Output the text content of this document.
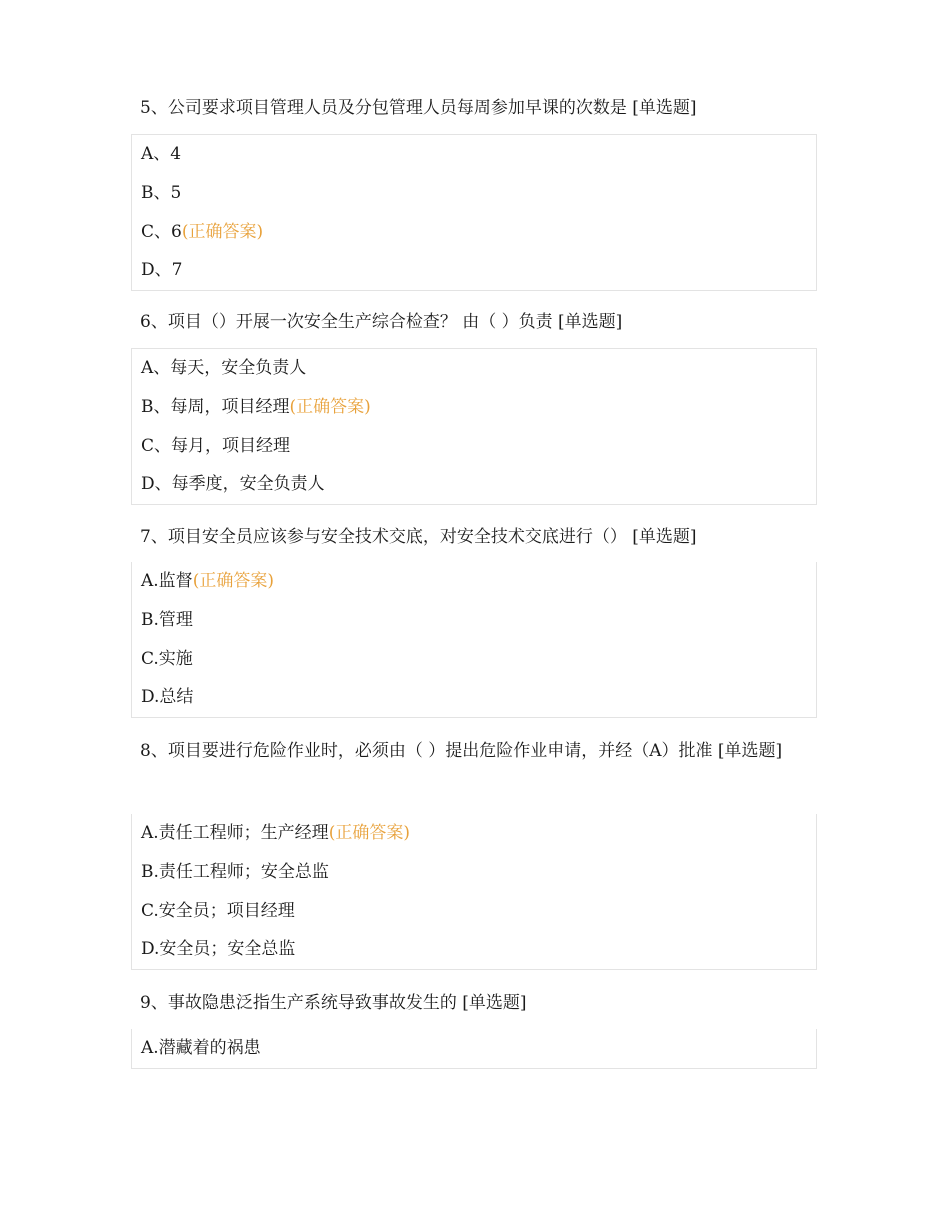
5、公司要求项目管理人员及分包管理人员每周参加早课的次数是 [单选题]
A、4
B、5
C、6(正确答案)
D、7
6、项目（）开展一次安全生产综合检查？ 由（ ）负责 [单选题]
A、每天，安全负责人
B、每周，项目经理(正确答案)
C、每月，项目经理
D、每季度，安全负责人
7、项目安全员应该参与安全技术交底，对安全技术交底进行（） [单选题]
A.监督(正确答案)
B.管理
C.实施
D.总结
8、项目要进行危险作业时，必须由（ ）提出危险作业申请，并经（A）批准 [单选题]
A.责任工程师；生产经理(正确答案)
B.责任工程师；安全总监
C.安全员；项目经理
D.安全员；安全总监
9、事故隐患泛指生产系统导致事故发生的 [单选题]
A.潜藏着的祸患
